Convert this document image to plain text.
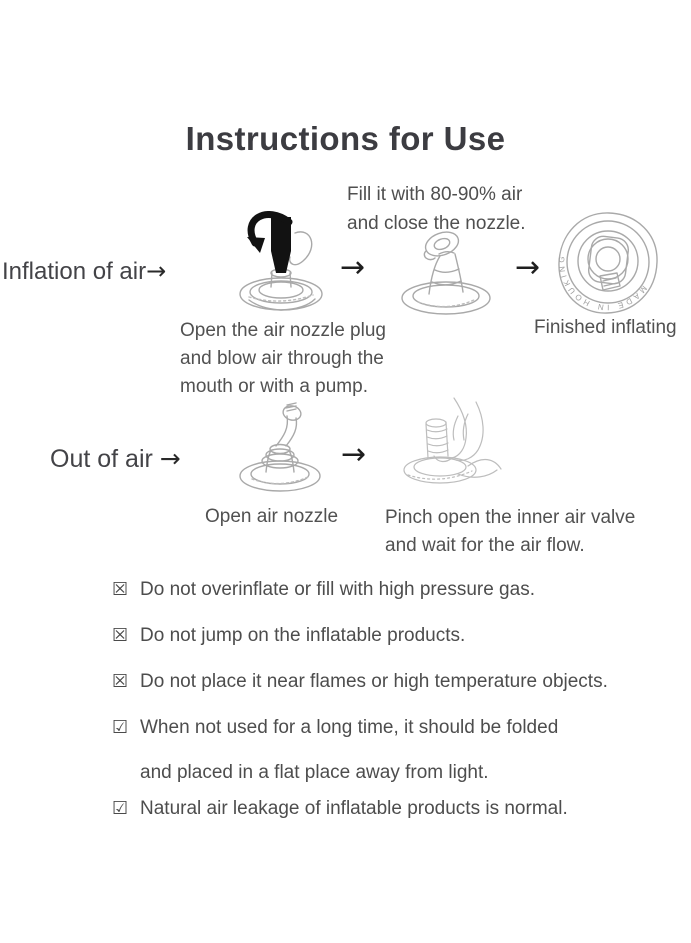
Instructions for Use
Fill it with 80-90% air
and close the nozzle.
Inflation of air→	→	→
MADE IN HOUKING
Finished inflating
Open the air nozzle plug
and blow air through the
mouth or with a pump.
Out of air →	→
Open air nozzle Pinch open the inner air valve
and wait for the air flow.
☒ Do not overinflate or fill with high pressure gas.
☒ Do not jump on the inflatable products.
☒ Do not place it near flames or high temperature objects.
☑ When not used for a long time, it should be folded
and placed in a flat place away from light.
☑ Natural air leakage of inflatable products is normal.
